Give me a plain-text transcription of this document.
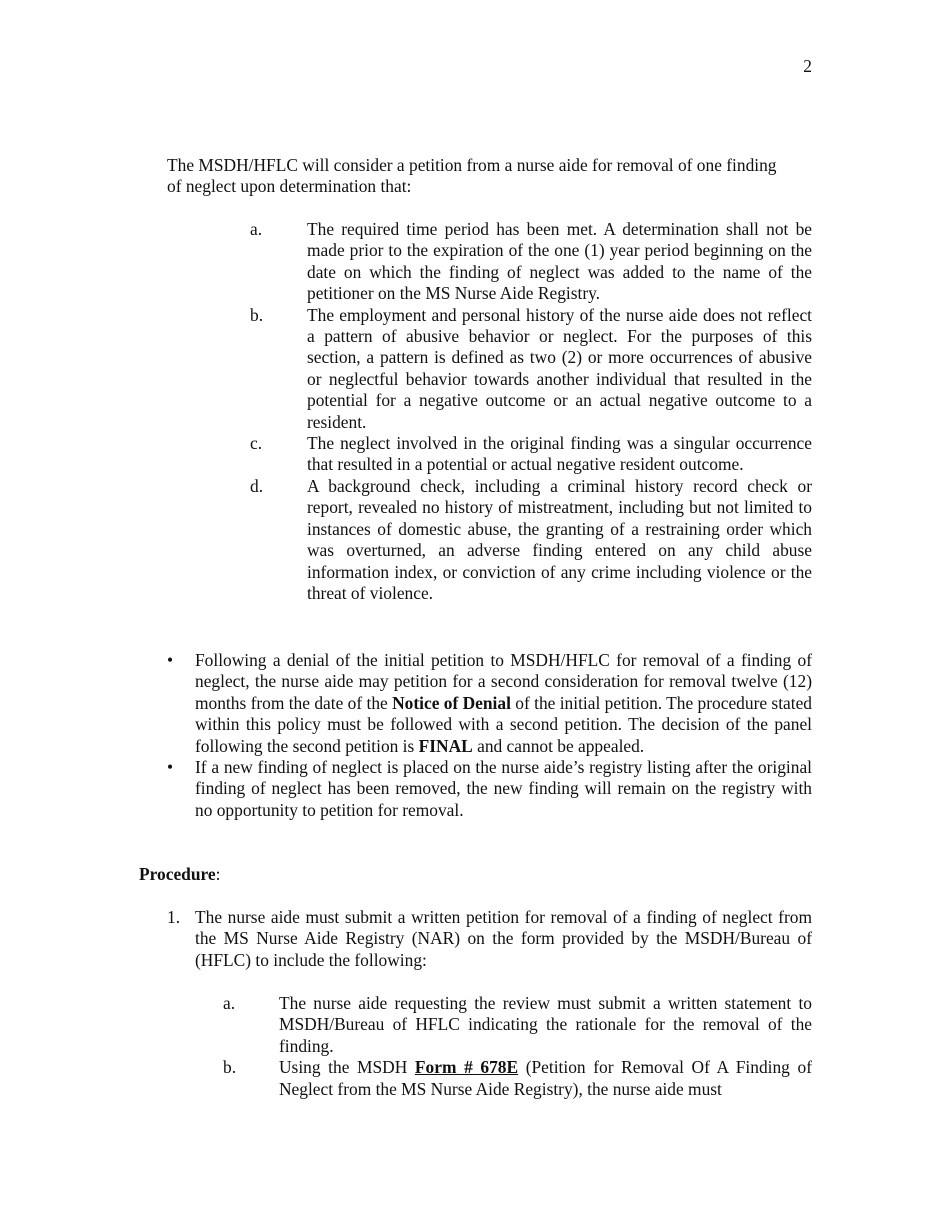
2
The MSDH/HFLC will consider a petition from a nurse aide for removal of one finding of neglect upon determination that:
a.	The required time period has been met. A determination shall not be made prior to the expiration of the one (1) year period beginning on the date on which the finding of neglect was added to the name of the petitioner on the MS Nurse Aide Registry.
b.	The employment and personal history of the nurse aide does not reflect a pattern of abusive behavior or neglect. For the purposes of this section, a pattern is defined as two (2) or more occurrences of abusive or neglectful behavior towards another individual that resulted in the potential for a negative outcome or an actual negative outcome to a resident.
c.	The neglect involved in the original finding was a singular occurrence that resulted in a potential or actual negative resident outcome.
d.	A background check, including a criminal history record check or report, revealed no history of mistreatment, including but not limited to instances of domestic abuse, the granting of a restraining order which was overturned, an adverse finding entered on any child abuse information index, or conviction of any crime including violence or the threat of violence.
•	Following a denial of the initial petition to MSDH/HFLC for removal of a finding of neglect, the nurse aide may petition for a second consideration for removal twelve (12) months from the date of the Notice of Denial of the initial petition. The procedure stated within this policy must be followed with a second petition. The decision of the panel following the second petition is FINAL and cannot be appealed.
•	If a new finding of neglect is placed on the nurse aide’s registry listing after the original finding of neglect has been removed, the new finding will remain on the registry with no opportunity to petition for removal.
Procedure:
1. The nurse aide must submit a written petition for removal of a finding of neglect from the MS Nurse Aide Registry (NAR) on the form provided by the MSDH/Bureau of (HFLC) to include the following:
a.	The nurse aide requesting the review must submit a written statement to MSDH/Bureau of HFLC indicating the rationale for the removal of the finding.
b.	Using the MSDH Form # 678E (Petition for Removal Of A Finding of Neglect from the MS Nurse Aide Registry), the nurse aide must
